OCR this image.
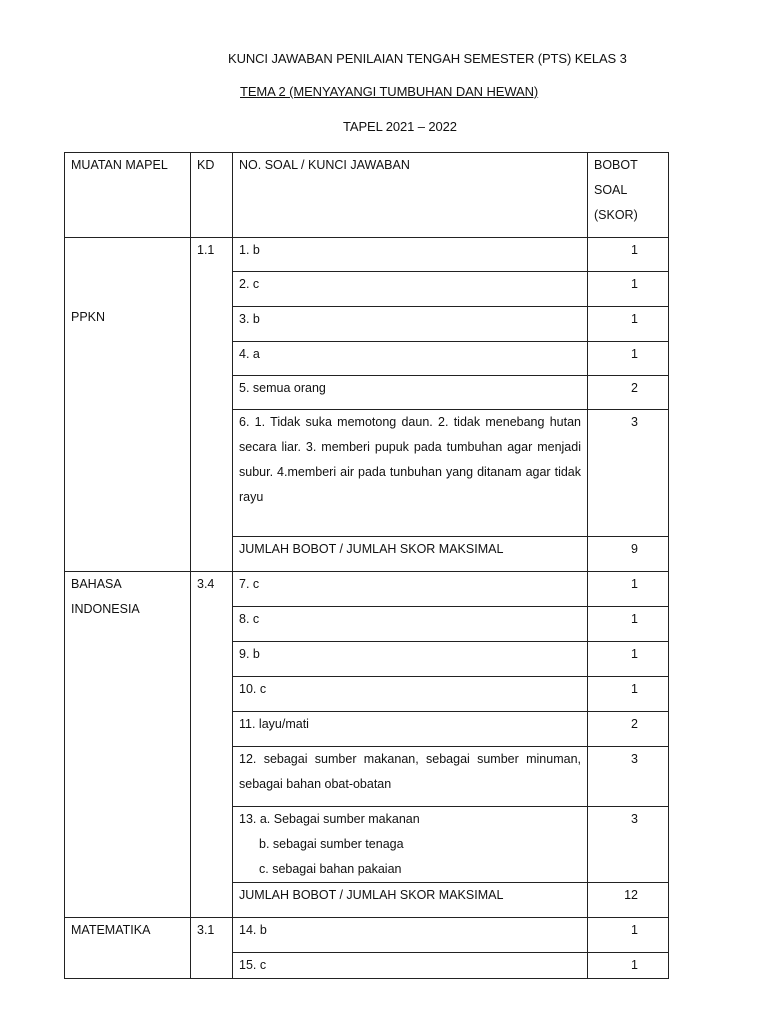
KUNCI JAWABAN PENILAIAN TENGAH SEMESTER (PTS) KELAS 3
TEMA 2 (MENYAYANGI TUMBUHAN DAN HEWAN)
TAPEL 2021 – 2022
MUATAN MAPEL	KD	NO. SOAL / KUNCI JAWABAN	BOBOT
SOAL
(SKOR)

PPKN	1.1	1. b	1
		2. c	1
		3. b	1
		4. a	1
		5. semua orang	2
		6. 1. Tidak suka memotong daun. 2. tidak menebang hutan secara liar. 3. memberi pupuk pada tumbuhan agar menjadi subur. 4.memberi air pada tunbuhan yang ditanam agar tidak rayu	3
		JUMLAH BOBOT / JUMLAH SKOR MAKSIMAL	9

BAHASA
INDONESIA	3.4	7. c	1
		8. c	1
		9. b	1
		10. c	1
		11. layu/mati	2
		12. sebagai sumber makanan, sebagai sumber minuman, sebagai bahan obat-obatan	3

		13. a. Sebagai sumber makanan
b. sebagai sumber tenaga
c. sebagai bahan pakaian	3
		JUMLAH BOBOT / JUMLAH SKOR MAKSIMAL	12
MATEMATIKA	3.1	14. b	1
		15. c	1
